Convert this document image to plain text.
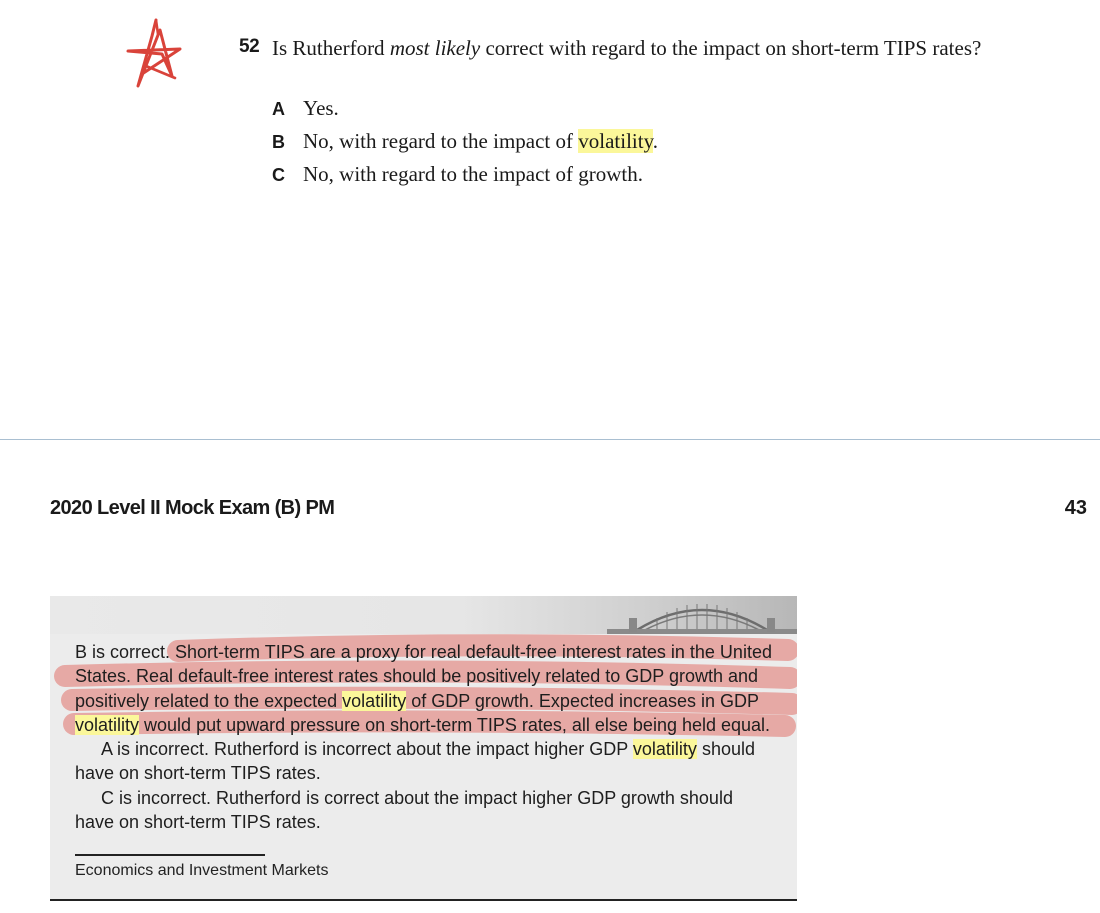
52 Is Rutherford most likely correct with regard to the impact on short-term TIPS rates?
A Yes.
B No, with regard to the impact of volatility.
C No, with regard to the impact of growth.
2020 Level II Mock Exam (B) PM	43

B is correct. Short-term TIPS are a proxy for real default-free interest rates in the United States. Real default-free interest rates should be positively related to GDP growth and positively related to the expected volatility of GDP growth. Expected increases in GDP volatility would put upward pressure on short-term TIPS rates, all else being held equal.

A is incorrect. Rutherford is incorrect about the impact higher GDP volatility should have on short-term TIPS rates.

C is incorrect. Rutherford is correct about the impact higher GDP growth should have on short-term TIPS rates.

Economics and Investment Markets
